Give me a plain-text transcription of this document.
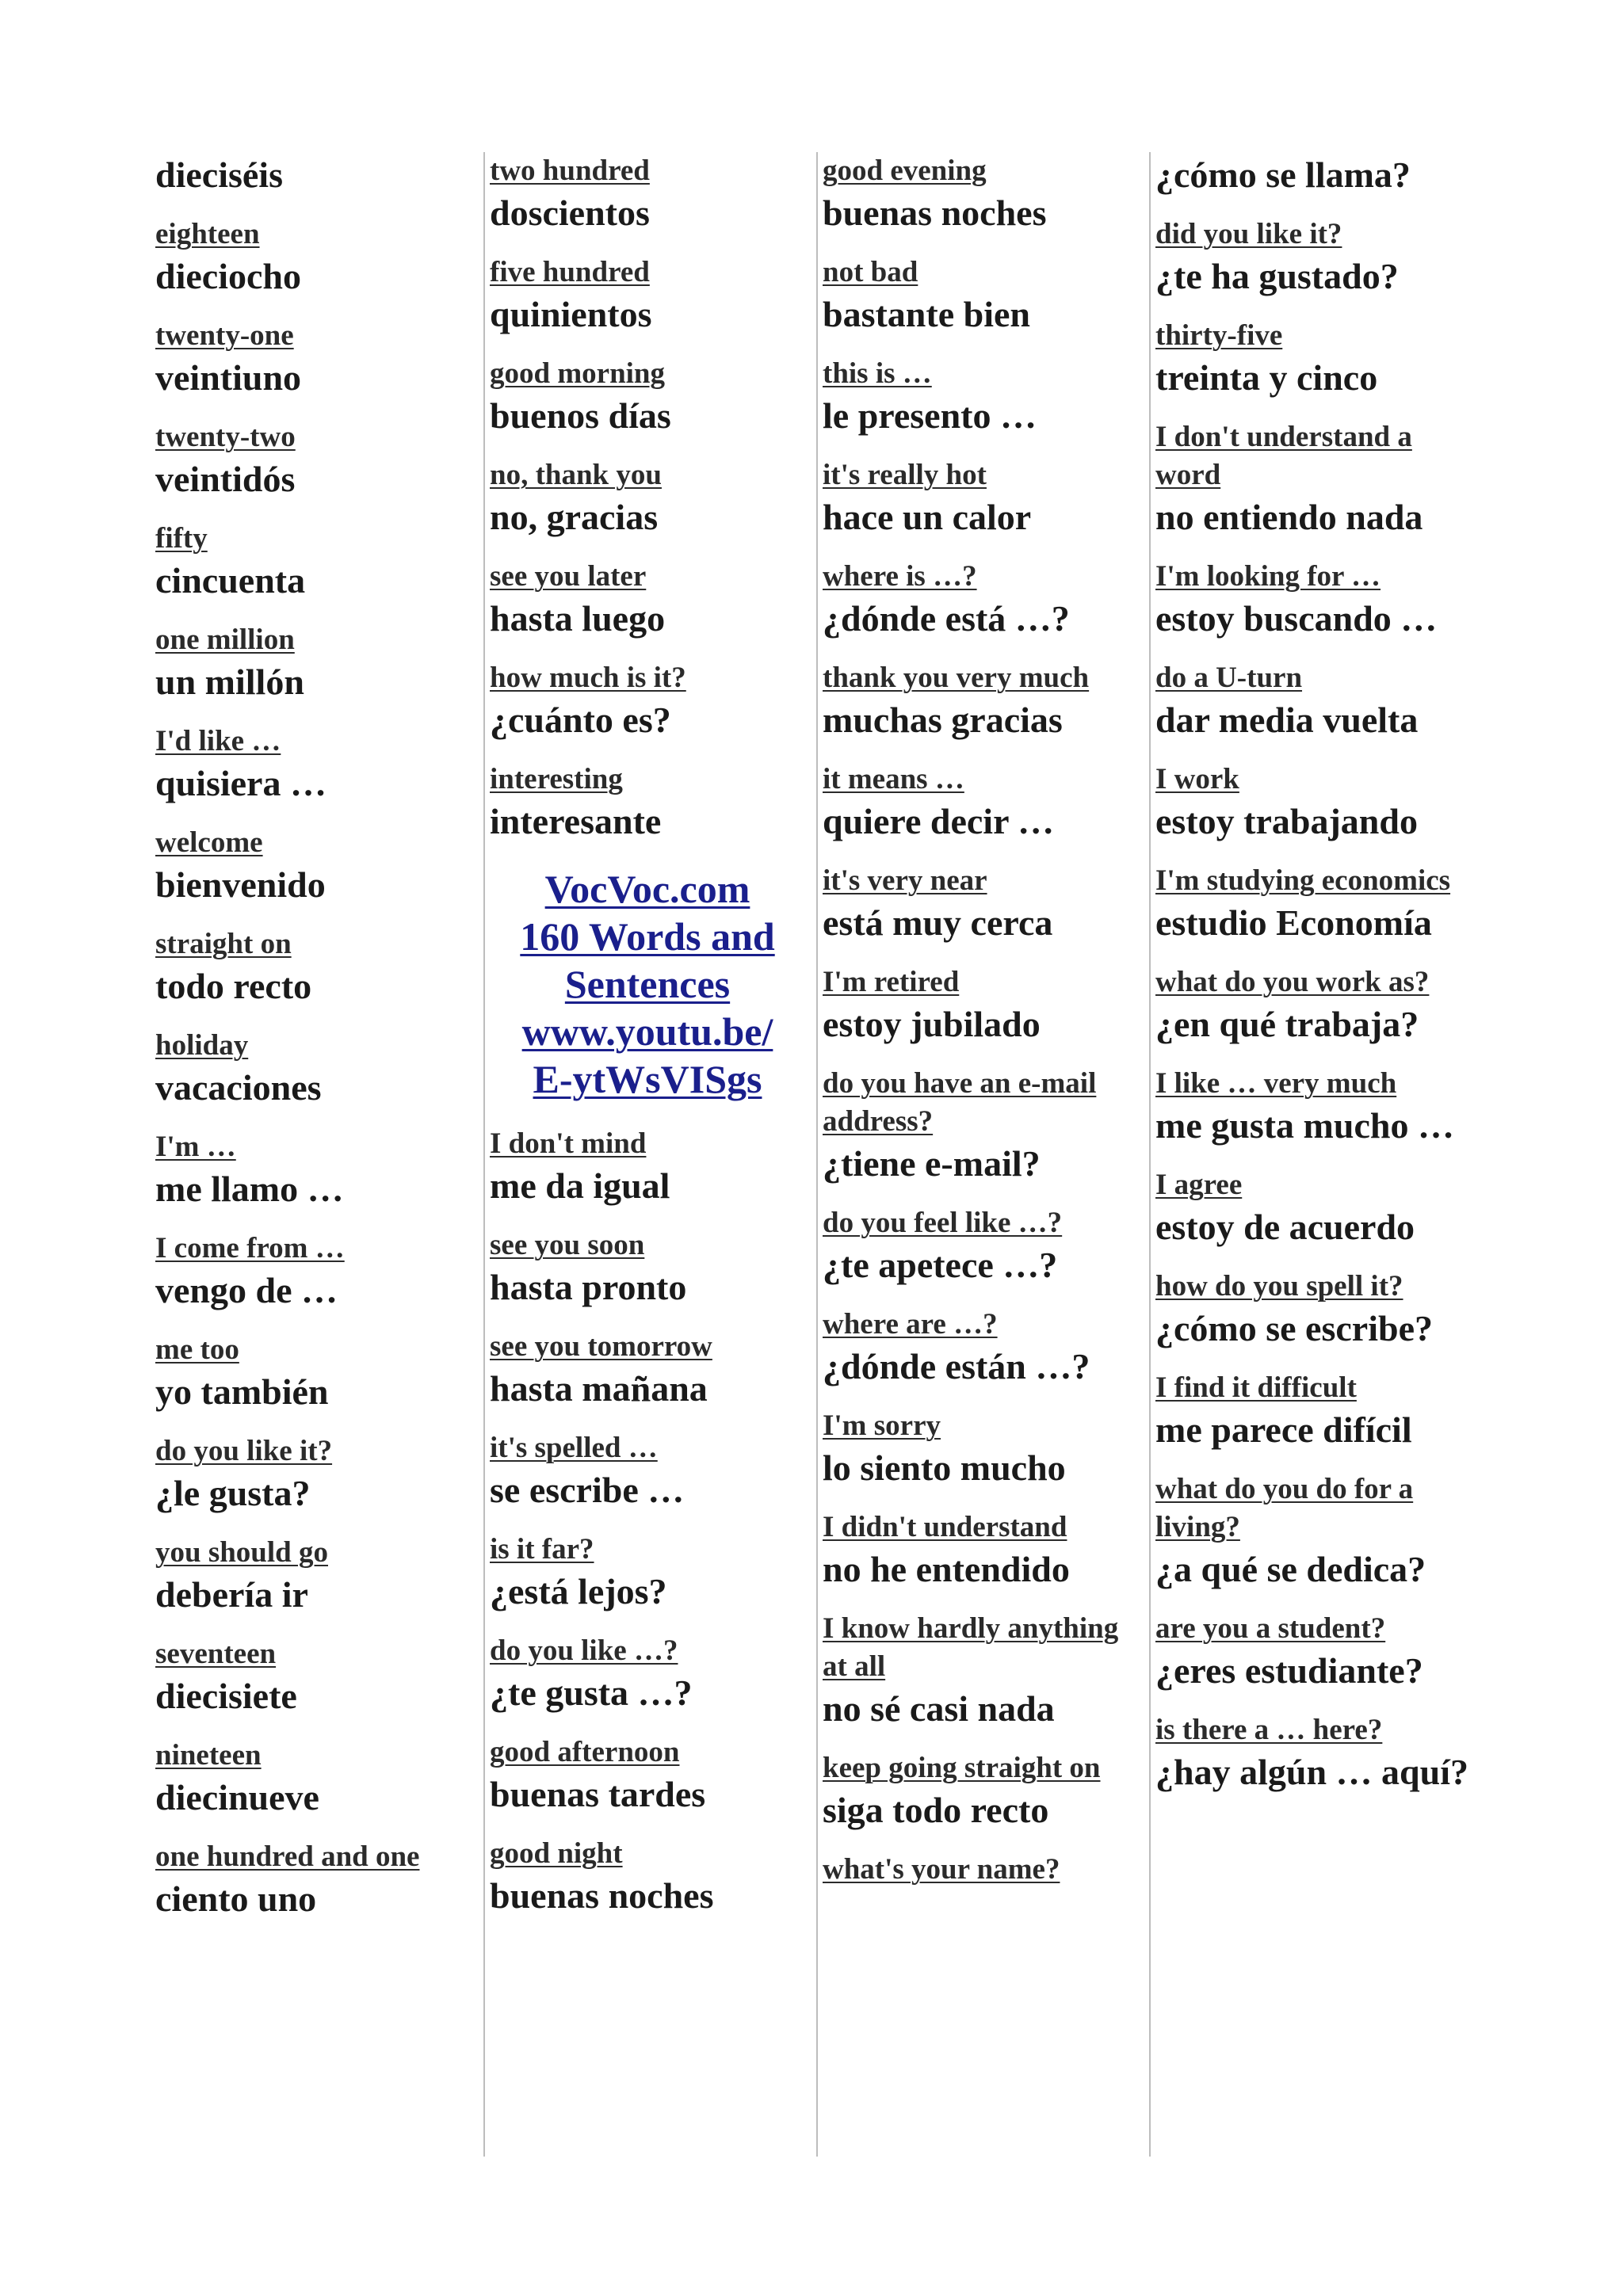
dieciséis
eighteen
dieciocho
twenty-one
veintiuno
twenty-two
veintidós
fifty
cincuenta
one million
un millón
I'd like …
quisiera …
welcome
bienvenido
straight on
todo recto
holiday
vacaciones
I'm …
me llamo …
I come from …
vengo de …
me too
yo también
do you like it?
¿le gusta?
you should go
debería ir
seventeen
diecisiete
nineteen
diecinueve
one hundred and one
ciento uno
two hundred
doscientos
five hundred
quinientos
good morning
buenos días
no, thank you
no, gracias
see you later
hasta luego
how much is it?
¿cuánto es?
interesting
interesante
VocVoc.com
160 Words and
Sentences
www.youtu.be/
E-ytWsVISgs
I don't mind
me da igual
see you soon
hasta pronto
see you tomorrow
hasta mañana
it's spelled …
se escribe …
is it far?
¿está lejos?
do you like …?
¿te gusta …?
good afternoon
buenas tardes
good night
buenas noches
good evening
buenas noches
not bad
bastante bien
this is …
le presento …
it's really hot
hace un calor
where is …?
¿dónde está …?
thank you very much
muchas gracias
it means …
quiere decir …
it's very near
está muy cerca
I'm retired
estoy jubilado
do you have an e-mail address?
¿tiene e-mail?
do you feel like …?
¿te apetece …?
where are …?
¿dónde están …?
I'm sorry
lo siento mucho
I didn't understand
no he entendido
I know hardly anything at all
no sé casi nada
keep going straight on
siga todo recto
what's your name?
¿cómo se llama?
did you like it?
¿te ha gustado?
thirty-five
treinta y cinco
I don't understand a word
no entiendo nada
I'm looking for …
estoy buscando …
do a U-turn
dar media vuelta
I work
estoy trabajando
I'm studying economics
estudio Economía
what do you work as?
¿en qué trabaja?
I like … very much
me gusta mucho …
I agree
estoy de acuerdo
how do you spell it?
¿cómo se escribe?
I find it difficult
me parece difícil
what do you do for a living?
¿a qué se dedica?
are you a student?
¿eres estudiante?
is there a … here?
¿hay algún … aquí?
